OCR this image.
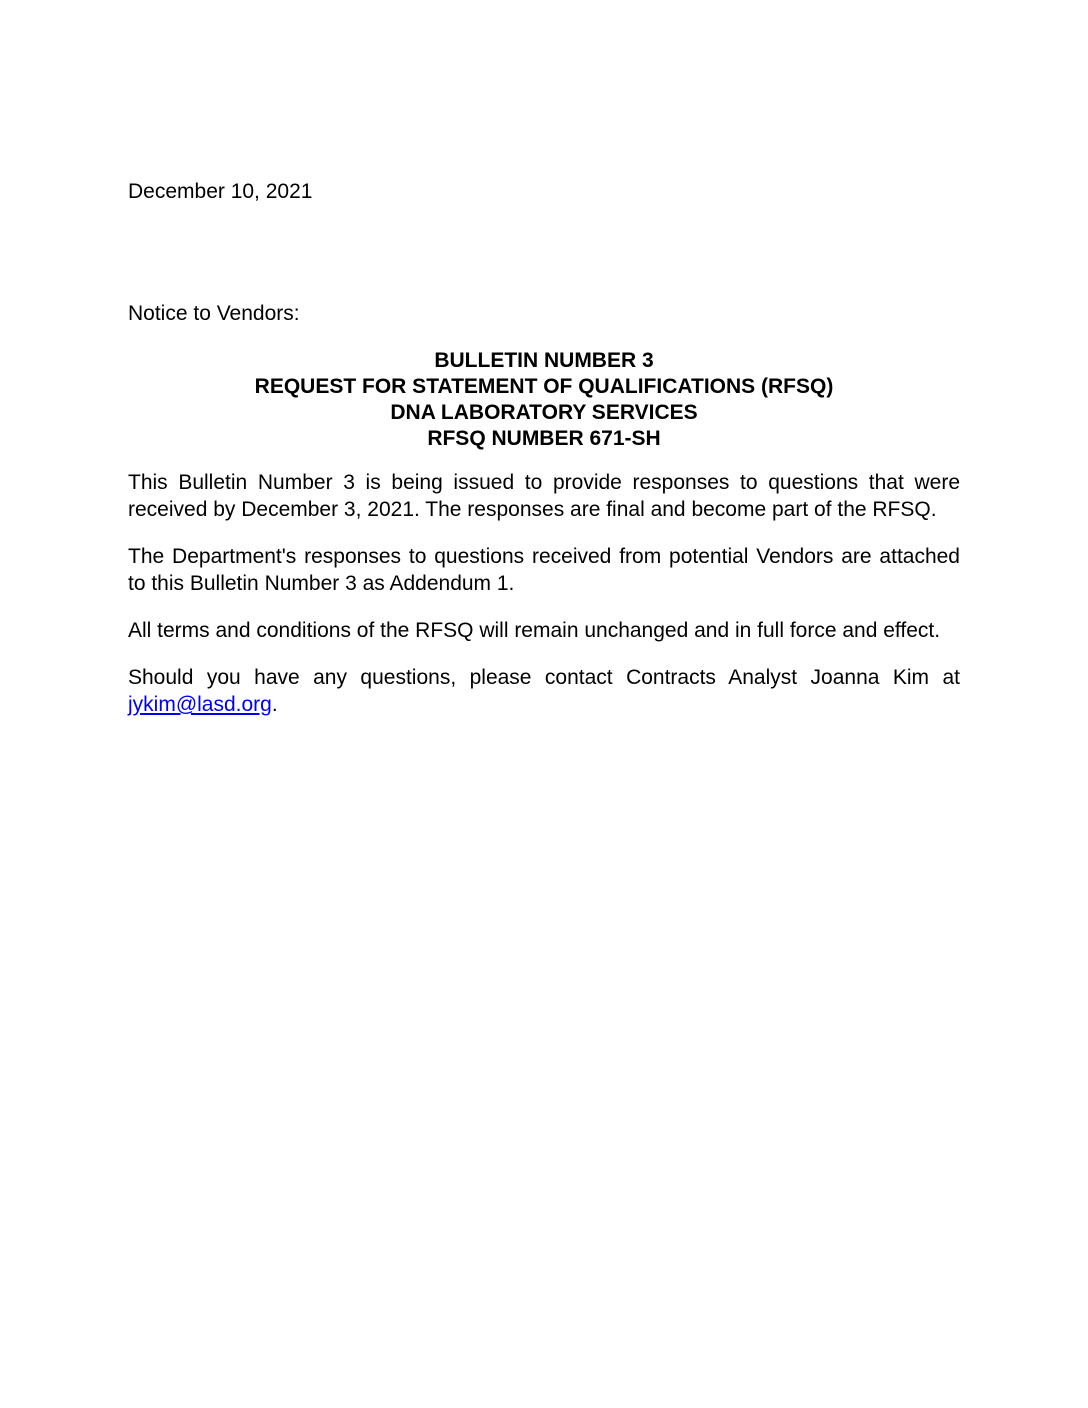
December 10, 2021
Notice to Vendors:
BULLETIN NUMBER 3
REQUEST FOR STATEMENT OF QUALIFICATIONS (RFSQ)
DNA LABORATORY SERVICES
RFSQ NUMBER 671-SH

This Bulletin Number 3 is being issued to provide responses to questions that were received by December 3, 2021. The responses are final and become part of the RFSQ.

The Department's responses to questions received from potential Vendors are attached to this Bulletin Number 3 as Addendum 1.

All terms and conditions of the RFSQ will remain unchanged and in full force and effect.

Should you have any questions, please contact Contracts Analyst Joanna Kim at jykim@lasd.org.
